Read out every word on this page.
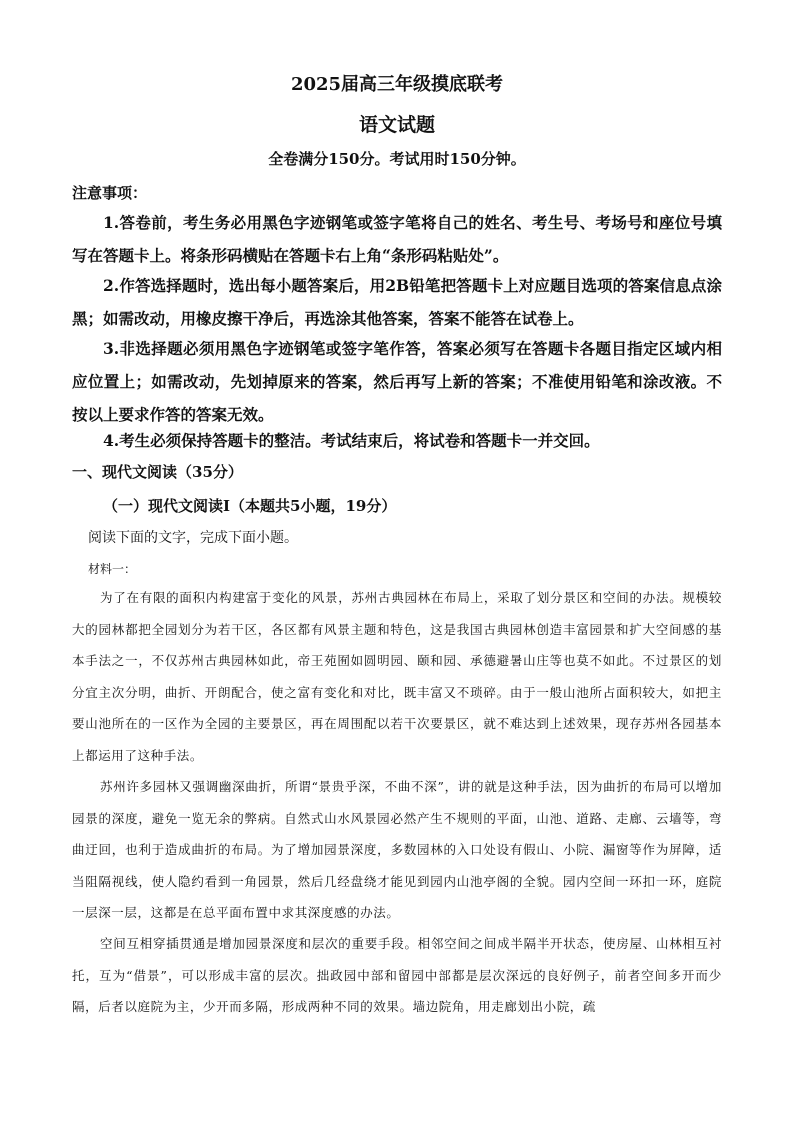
2025届高三年级摸底联考
语文试题
全卷满分150分。考试用时150分钟。
注意事项：
1.答卷前，考生务必用黑色字迹钢笔或签字笔将自己的姓名、考生号、考场号和座位号填写在答题卡上。将条形码横贴在答题卡右上角“条形码粘贴处”。
2.作答选择题时，选出每小题答案后，用2B铅笔把答题卡上对应题目选项的答案信息点涂黑；如需改动，用橡皮擦干净后，再选涂其他答案，答案不能答在试卷上。
3.非选择题必须用黑色字迹钢笔或签字笔作答，答案必须写在答题卡各题目指定区域内相应位置上；如需改动，先划掉原来的答案，然后再写上新的答案；不准使用铅笔和涂改液。不按以上要求作答的答案无效。
4.考生必须保持答题卡的整洁。考试结束后，将试卷和答题卡一并交回。
一、现代文阅读（35分）
（一）现代文阅读Ⅰ（本题共5小题，19分）
阅读下面的文字，完成下面小题。
材料一：
为了在有限的面积内构建富于变化的风景，苏州古典园林在布局上，采取了划分景区和空间的办法。规模较大的园林都把全园划分为若干区，各区都有风景主题和特色，这是我国古典园林创造丰富园景和扩大空间感的基本手法之一，不仅苏州古典园林如此，帝王苑囿如圆明园、颐和园、承德避暑山庄等也莫不如此。不过景区的划分宜主次分明，曲折、开朗配合，使之富有变化和对比，既丰富又不琐碎。由于一般山池所占面积较大，如把主要山池所在的一区作为全园的主要景区，再在周围配以若干次要景区，就不难达到上述效果，现存苏州各园基本上都运用了这种手法。
苏州许多园林又强调幽深曲折，所谓“景贵乎深，不曲不深”，讲的就是这种手法，因为曲折的布局可以增加园景的深度，避免一览无余的弊病。自然式山水风景园必然产生不规则的平面，山池、道路、走廊、云墙等，弯曲迂回，也利于造成曲折的布局。为了增加园景深度，多数园林的入口处设有假山、小院、漏窗等作为屏障，适当阻隔视线，使人隐约看到一角园景，然后几经盘绕才能见到园内山池亭阁的全貌。园内空间一环扣一环，庭院一层深一层，这都是在总平面布置中求其深度感的办法。
空间互相穿插贯通是增加园景深度和层次的重要手段。相邻空间之间成半隔半开状态，使房屋、山林相互衬托，互为“借景”，可以形成丰富的层次。拙政园中部和留园中部都是层次深远的良好例子，前者空间多开而少隔，后者以庭院为主，少开而多隔，形成两种不同的效果。墙边院角，用走廊划出小院，疏
